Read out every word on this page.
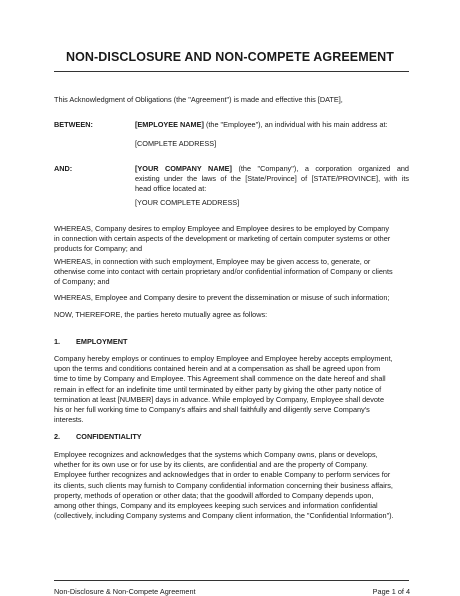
NON-DISCLOSURE AND NON-COMPETE AGREEMENT

This Acknowledgment of Obligations (the "Agreement") is made and effective this [DATE],

BETWEEN:	[EMPLOYEE NAME] (the "Employee"), an individual with his main address at:

[COMPLETE ADDRESS]

AND:	[YOUR COMPANY NAME] (the "Company"), a corporation organized and
existing under the laws of the [State/Province] of [STATE/PROVINCE], with its
head office located at:

[YOUR COMPLETE ADDRESS]

WHEREAS, Company desires to employ Employee and Employee desires to be employed by Company
in connection with certain aspects of the development or marketing of certain computer systems or other
products for Company; and

WHEREAS, in connection with such employment, Employee may be given access to, generate, or
otherwise come into contact with certain proprietary and/or confidential information of Company or clients
of Company; and

WHEREAS, Employee and Company desire to prevent the dissemination or misuse of such information;

NOW, THEREFORE, the parties hereto mutually agree as follows:

1. EMPLOYMENT

Company hereby employs or continues to employ Employee and Employee hereby accepts employment,
upon the terms and conditions contained herein and at a compensation as shall be agreed upon from
time to time by Company and Employee. This Agreement shall commence on the date hereof and shall
remain in effect for an indefinite time until terminated by either party by giving the other party notice of
termination at least [NUMBER] days in advance. While employed by Company, Employee shall devote
his or her full working time to Company's affairs and shall faithfully and diligently serve Company's
interests.

2. CONFIDENTIALITY

Employee recognizes and acknowledges that the systems which Company owns, plans or develops,
whether for its own use or for use by its clients, are confidential and are the property of Company.
Employee further recognizes and acknowledges that in order to enable Company to perform services for
its clients, such clients may furnish to Company confidential information concerning their business affairs,
property, methods of operation or other data; that the goodwill afforded to Company depends upon,
among other things, Company and its employees keeping such services and information confidential
(collectively, including Company systems and Company client information, the "Confidential Information").

Non-Disclosure & Non-Compete Agreement	Page 1 of 4
